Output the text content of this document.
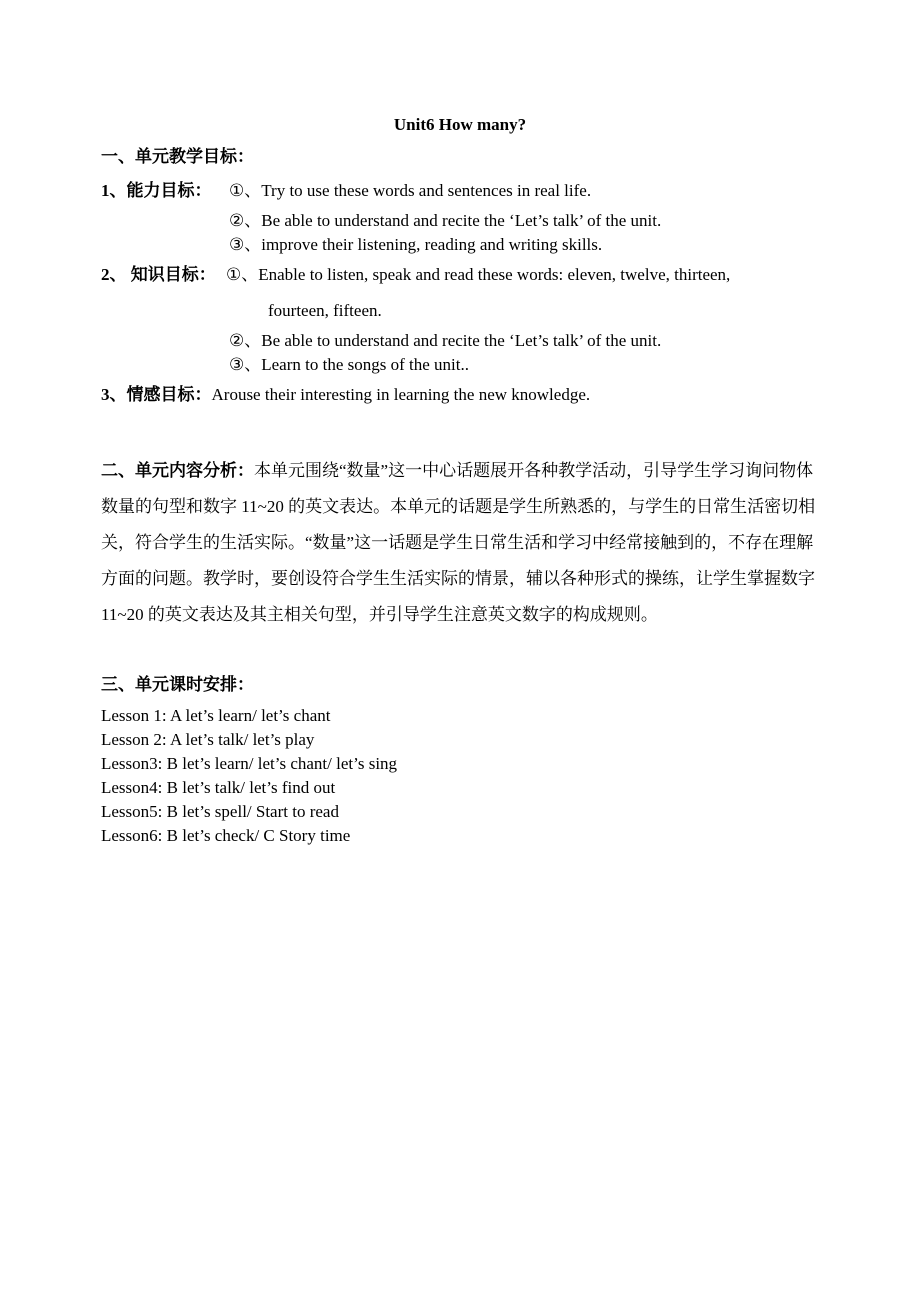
Unit6 How many?
一、单元教学目标：
1、能力目标： ①、Try to use these words and sentences in real life.
②、Be able to understand and recite the ‘Let’s talk’ of the unit.
③、improve their listening, reading and writing skills.
2、 知识目标： ①、Enable to listen, speak and read these words: eleven, twelve, thirteen,
fourteen, fifteen.
②、Be able to understand and recite the ‘Let’s talk’ of the unit.
③、Learn to the songs of the unit..
3、情感目标：Arouse their interesting in learning the new knowledge.
二、单元内容分析：本单元围绕“数量”这一中心话题展开各种教学活动，引导学生学习询问物体数量的句型和数字 11~20 的英文表达。本单元的话题是学生所熟悉的，与学生的日常生活密切相关，符合学生的生活实际。“数量”这一话题是学生日常生活和学习中经常接触到的，不存在理解方面的问题。教学时，要创设符合学生生活实际的情景，辅以各种形式的操练，让学生掌握数字 11~20 的英文表达及其主相关句型，并引导学生注意英文数字的构成规则。
三、单元课时安排：
Lesson 1: A let’s learn/ let’s chant
Lesson 2: A let’s talk/ let’s play
Lesson3: B let’s learn/ let’s chant/ let’s sing
Lesson4: B let’s talk/ let’s find out
Lesson5: B let’s spell/ Start to read
Lesson6: B let’s check/ C Story time
